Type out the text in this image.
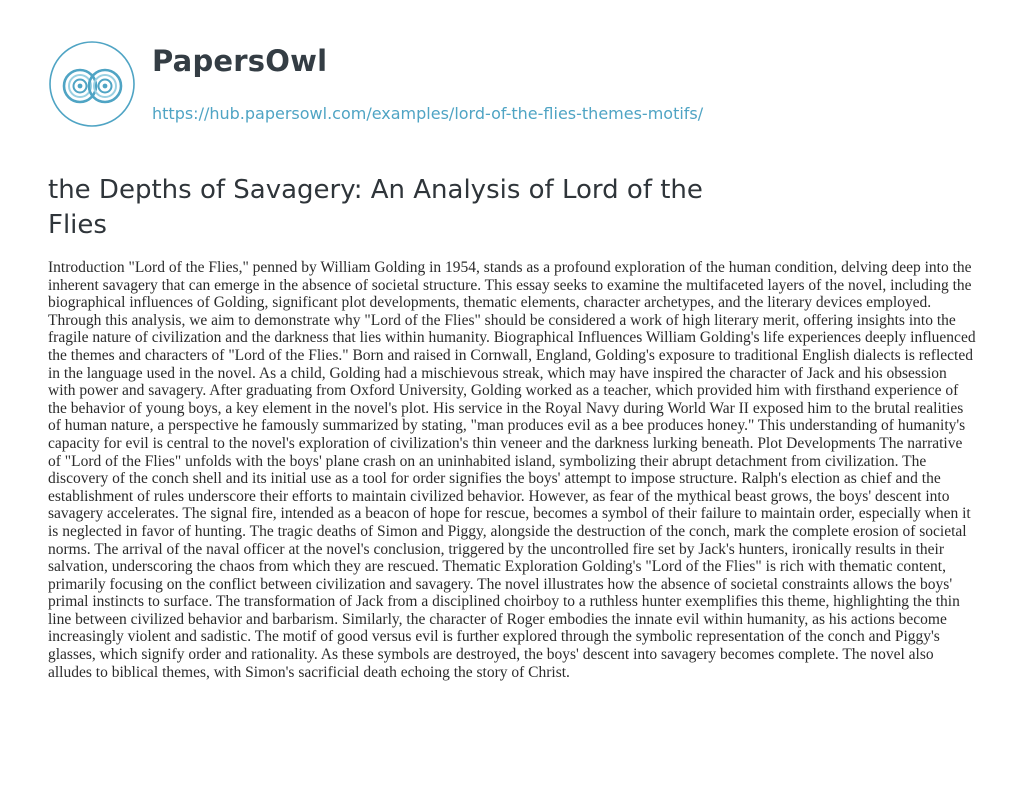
PapersOwl
https://hub.papersowl.com/examples/lord-of-the-flies-themes-motifs/
the Depths of Savagery: An Analysis of Lord of the Flies

Introduction "Lord of the Flies," penned by William Golding in 1954, stands as a profound exploration of the human condition, delving deep into the inherent savagery that can emerge in the absence of societal structure. This essay seeks to examine the multifaceted layers of the novel, including the biographical influences of Golding, significant plot developments, thematic elements, character archetypes, and the literary devices employed. Through this analysis, we aim to demonstrate why "Lord of the Flies" should be considered a work of high literary merit, offering insights into the fragile nature of civilization and the darkness that lies within humanity. Biographical Influences William Golding's life experiences deeply influenced the themes and characters of "Lord of the Flies." Born and raised in Cornwall, England, Golding's exposure to traditional English dialects is reflected in the language used in the novel. As a child, Golding had a mischievous streak, which may have inspired the character of Jack and his obsession with power and savagery. After graduating from Oxford University, Golding worked as a teacher, which provided him with firsthand experience of the behavior of young boys, a key element in the novel's plot. His service in the Royal Navy during World War II exposed him to the brutal realities of human nature, a perspective he famously summarized by stating, "man produces evil as a bee produces honey." This understanding of humanity's capacity for evil is central to the novel's exploration of civilization's thin veneer and the darkness lurking beneath. Plot Developments The narrative of "Lord of the Flies" unfolds with the boys' plane crash on an uninhabited island, symbolizing their abrupt detachment from civilization. The discovery of the conch shell and its initial use as a tool for order signifies the boys' attempt to impose structure. Ralph's election as chief and the establishment of rules underscore their efforts to maintain civilized behavior. However, as fear of the mythical beast grows, the boys' descent into savagery accelerates. The signal fire, intended as a beacon of hope for rescue, becomes a symbol of their failure to maintain order, especially when it is neglected in favor of hunting. The tragic deaths of Simon and Piggy, alongside the destruction of the conch, mark the complete erosion of societal norms. The arrival of the naval officer at the novel's conclusion, triggered by the uncontrolled fire set by Jack's hunters, ironically results in their salvation, underscoring the chaos from which they are rescued. Thematic Exploration Golding's "Lord of the Flies" is rich with thematic content, primarily focusing on the conflict between civilization and savagery. The novel illustrates how the absence of societal constraints allows the boys' primal instincts to surface. The transformation of Jack from a disciplined choirboy to a ruthless hunter exemplifies this theme, highlighting the thin line between civilized behavior and barbarism. Similarly, the character of Roger embodies the innate evil within humanity, as his actions become increasingly violent and sadistic. The motif of good versus evil is further explored through the symbolic representation of the conch and Piggy's glasses, which signify order and rationality. As these symbols are destroyed, the boys' descent into savagery becomes complete. The novel also alludes to biblical themes, with Simon's sacrificial death echoing the story of Christ.
